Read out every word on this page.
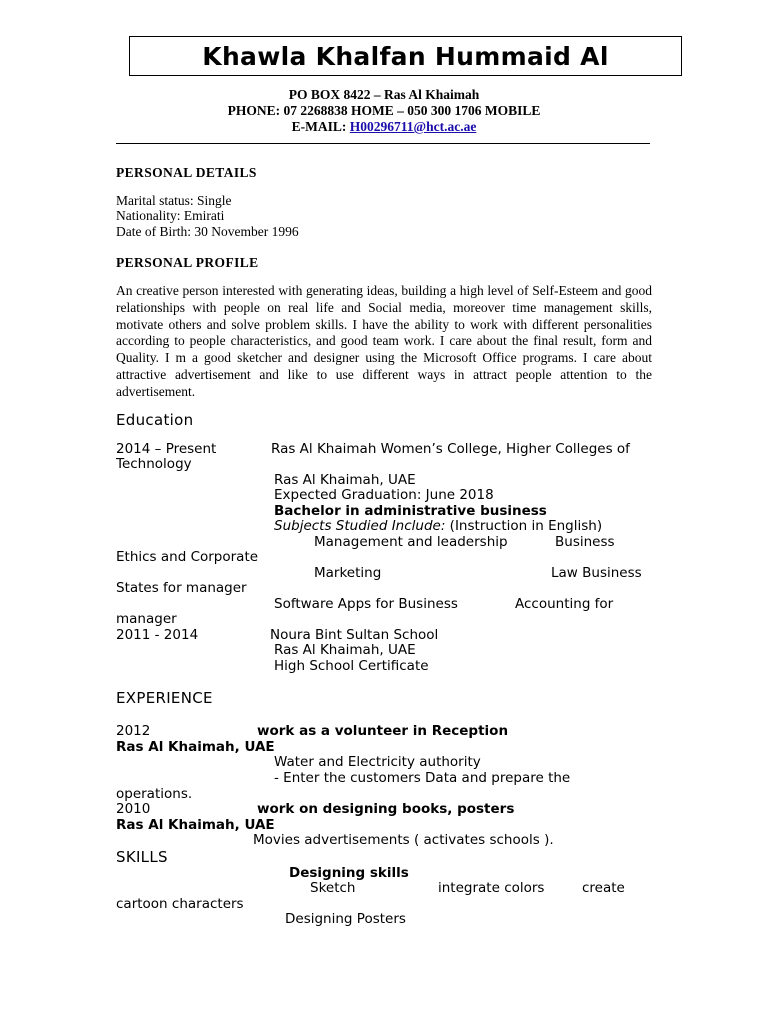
Khawla Khalfan Hummaid Al
PO BOX 8422 – Ras Al Khaimah
PHONE: 07 2268838 HOME – 050 300 1706 MOBILE
E-MAIL: H00296711@hct.ac.ae
PERSONAL DETAILS
Marital status: Single
Nationality: Emirati
Date of Birth: 30 November 1996
PERSONAL PROFILE
An creative person interested with generating ideas, building a high level of Self-Esteem and good relationships with people on real life and Social media, moreover time management skills, motivate others and solve problem skills. I have the ability to work with different personalities according to people characteristics, and good team work. I care about the final result, form and Quality. I m a good sketcher and designer using the Microsoft Office programs. I care about attractive advertisement and like to use different ways in attract people attention to the advertisement.
Education
2014 – Present	Ras Al Khaimah Women’s College, Higher Colleges of
Technology
Ras Al Khaimah, UAE
Expected Graduation: June 2018
Bachelor in administrative business
Subjects Studied Include: (Instruction in English)
Management and leadership	Business
Ethics and Corporate
Marketing	Law Business
States for manager
Software Apps for Business	Accounting for
manager
2011 - 2014	Noura Bint Sultan School
Ras Al Khaimah, UAE
High School Certificate
EXPERIENCE
2012	work as a volunteer in Reception
Ras Al Khaimah, UAE
Water and Electricity authority
- Enter the customers Data and prepare the
operations.
2010	work on designing books, posters
Ras Al Khaimah, UAE
Movies advertisements ( activates schools ).
SKILLS
Designing skills
Sketch	integrate colors	create
cartoon characters
Designing Posters
